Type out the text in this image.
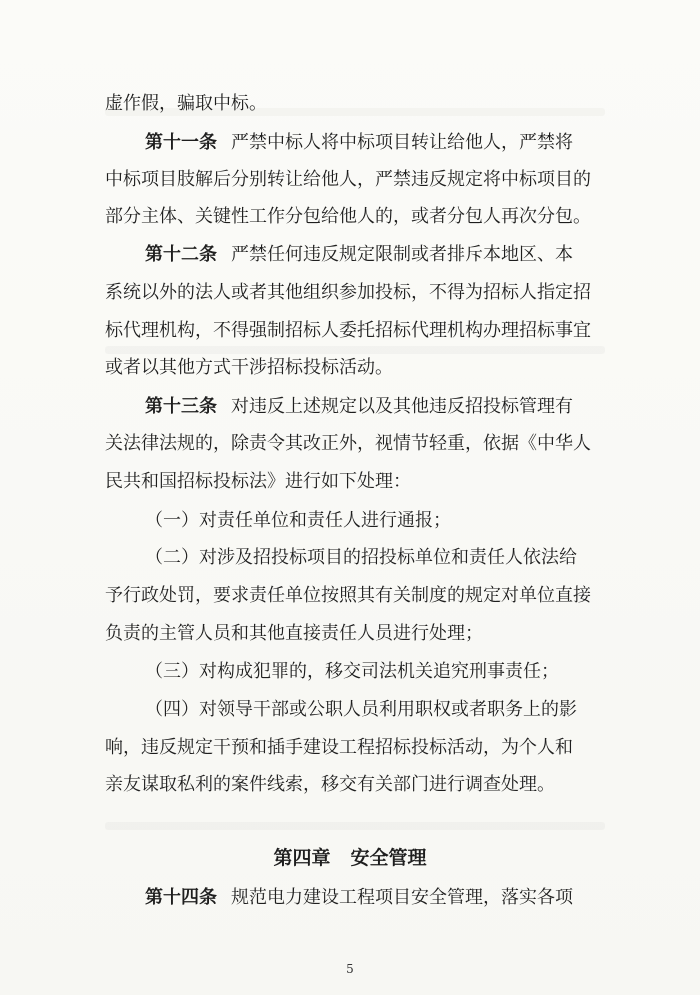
虚作假，骗取中标。
第十一条 严禁中标人将中标项目转让给他人，严禁将
中标项目肢解后分别转让给他人，严禁违反规定将中标项目的
部分主体、关键性工作分包给他人的，或者分包人再次分包。
第十二条 严禁任何违反规定限制或者排斥本地区、本
系统以外的法人或者其他组织参加投标，不得为招标人指定招
标代理机构，不得强制招标人委托招标代理机构办理招标事宜
或者以其他方式干涉招标投标活动。
第十三条 对违反上述规定以及其他违反招投标管理有
关法律法规的，除责令其改正外，视情节轻重，依据《中华人
民共和国招标投标法》进行如下处理：
（一）对责任单位和责任人进行通报；
（二）对涉及招投标项目的招投标单位和责任人依法给
予行政处罚，要求责任单位按照其有关制度的规定对单位直接
负责的主管人员和其他直接责任人员进行处理；
（三）对构成犯罪的，移交司法机关追究刑事责任；
（四）对领导干部或公职人员利用职权或者职务上的影
响，违反规定干预和插手建设工程招标投标活动，为个人和
亲友谋取私利的案件线索，移交有关部门进行调查处理。
第四章 安全管理
第十四条 规范电力建设工程项目安全管理，落实各项
5
